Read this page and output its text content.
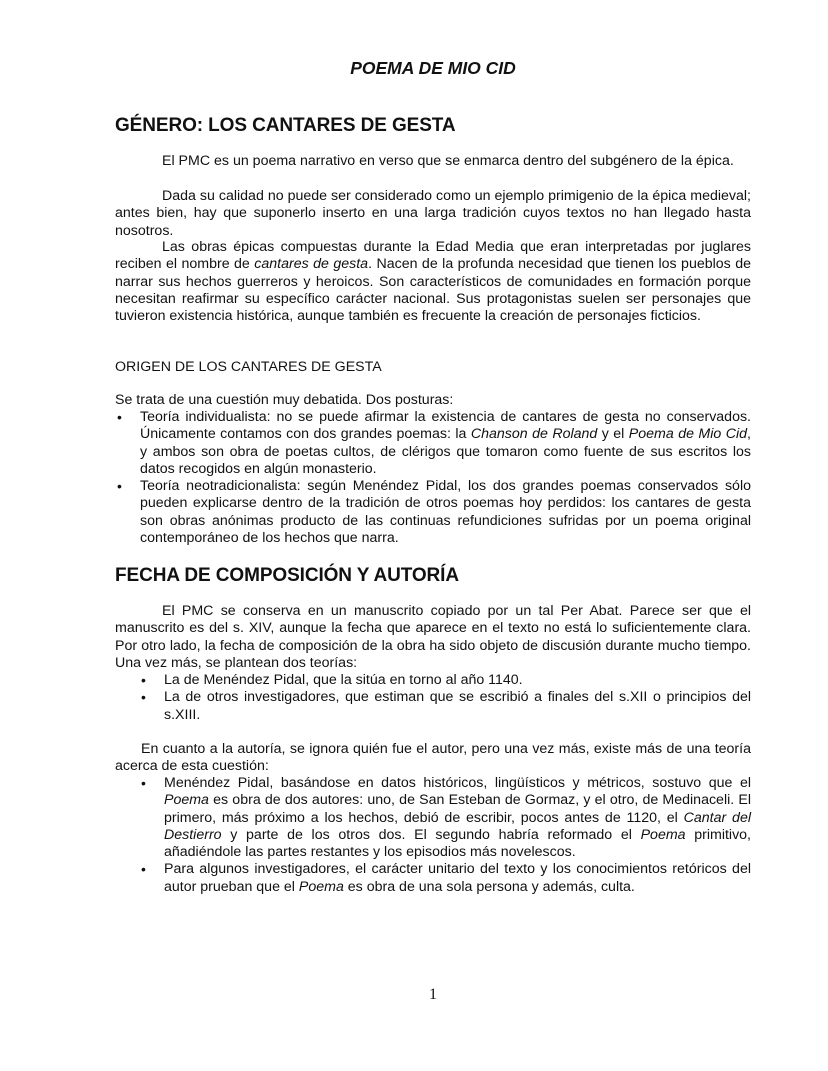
POEMA DE MIO CID
GÉNERO: LOS CANTARES DE GESTA

El PMC es un poema narrativo en verso que se enmarca dentro del subgénero de la épica.

Dada su calidad no puede ser considerado como un ejemplo primigenio de la épica medieval; antes bien, hay que suponerlo inserto en una larga tradición cuyos textos no han llegado hasta nosotros.

Las obras épicas compuestas durante la Edad Media que eran interpretadas por juglares reciben el nombre de cantares de gesta. Nacen de la profunda necesidad que tienen los pueblos de narrar sus hechos guerreros y heroicos. Son característicos de comunidades en formación porque necesitan reafirmar su específico carácter nacional. Sus protagonistas suelen ser personajes que tuvieron existencia histórica, aunque también es frecuente la creación de personajes ficticios.

ORIGEN DE LOS CANTARES DE GESTA

Se trata de una cuestión muy debatida. Dos posturas:

• Teoría individualista: no se puede afirmar la existencia de cantares de gesta no conservados. Únicamente contamos con dos grandes poemas: la Chanson de Roland y el Poema de Mio Cid, y ambos son obra de poetas cultos, de clérigos que tomaron como fuente de sus escritos los datos recogidos en algún monasterio.
• Teoría neotradicionalista: según Menéndez Pidal, los dos grandes poemas conservados sólo pueden explicarse dentro de la tradición de otros poemas hoy perdidos: los cantares de gesta son obras anónimas producto de las continuas refundiciones sufridas por un poema original contemporáneo de los hechos que narra.
FECHA DE COMPOSICIÓN Y AUTORÍA

El PMC se conserva en un manuscrito copiado por un tal Per Abat. Parece ser que el manuscrito es del s. XIV, aunque la fecha que aparece en el texto no está lo suficientemente clara. Por otro lado, la fecha de composición de la obra ha sido objeto de discusión durante mucho tiempo. Una vez más, se plantean dos teorías:

• La de Menéndez Pidal, que la sitúa en torno al año 1140.
• La de otros investigadores, que estiman que se escribió a finales del s.XII o principios del s.XIII.

En cuanto a la autoría, se ignora quién fue el autor, pero una vez más, existe más de una teoría acerca de esta cuestión:

• Menéndez Pidal, basándose en datos históricos, lingüísticos y métricos, sostuvo que el Poema es obra de dos autores: uno, de San Esteban de Gormaz, y el otro, de Medinaceli. El primero, más próximo a los hechos, debió de escribir, pocos antes de 1120, el Cantar del Destierro y parte de los otros dos. El segundo habría reformado el Poema primitivo, añadiéndole las partes restantes y los episodios más novelescos.
• Para algunos investigadores, el carácter unitario del texto y los conocimientos retóricos del autor prueban que el Poema es obra de una sola persona y además, culta.
1
